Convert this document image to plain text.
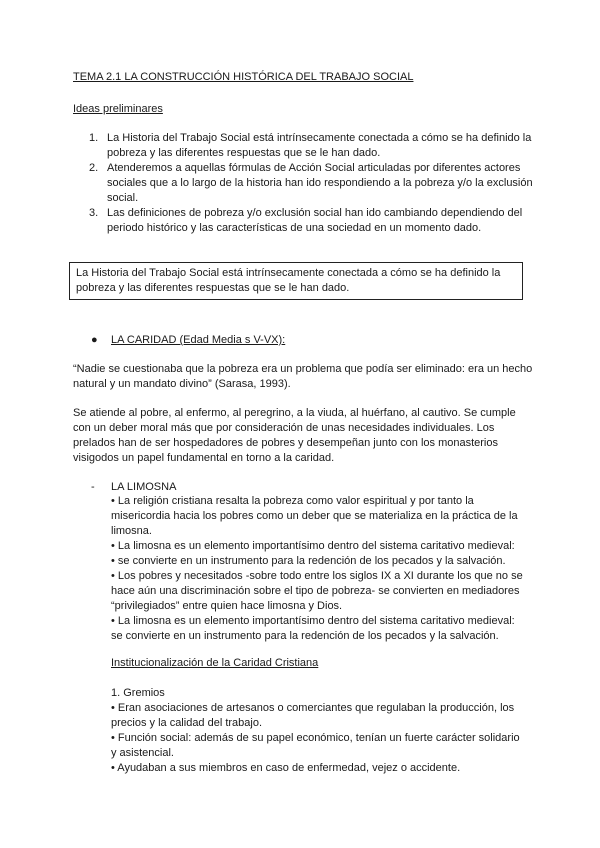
TEMA 2.1 LA CONSTRUCCIÓN HISTÓRICA DEL TRABAJO SOCIAL
Ideas preliminares
1. La Historia del Trabajo Social está intrínsecamente conectada a cómo se ha definido la pobreza y las diferentes respuestas que se le han dado.
2. Atenderemos a aquellas fórmulas de Acción Social articuladas por diferentes actores sociales que a lo largo de la historia han ido respondiendo a la pobreza y/o la exclusión social.
3. Las definiciones de pobreza y/o exclusión social han ido cambiando dependiendo del periodo histórico y las características de una sociedad en un momento dado.
La Historia del Trabajo Social está intrínsecamente conectada a cómo se ha definido la pobreza y las diferentes respuestas que se le han dado.
● LA CARIDAD (Edad Media s V-VX):

“Nadie se cuestionaba que la pobreza era un problema que podía ser eliminado: era un hecho natural y un mandato divino” (Sarasa, 1993).

Se atiende al pobre, al enfermo, al peregrino, a la viuda, al huérfano, al cautivo. Se cumple con un deber moral más que por consideración de unas necesidades individuales. Los prelados han de ser hospedadores de pobres y desempeñan junto con los monasterios visigodos un papel fundamental en torno a la caridad.

- LA LIMOSNA

• La religión cristiana resalta la pobreza como valor espiritual y por tanto la misericordia hacia los pobres como un deber que se materializa en la práctica de la limosna.

• La limosna es un elemento importantísimo dentro del sistema caritativo medieval:

• se convierte en un instrumento para la redención de los pecados y la salvación.

• Los pobres y necesitados -sobre todo entre los siglos IX a XI durante los que no se hace aún una discriminación sobre el tipo de pobreza- se convierten en mediadores “privilegiados” entre quien hace limosna y Dios.

• La limosna es un elemento importantísimo dentro del sistema caritativo medieval: se convierte en un instrumento para la redención de los pecados y la salvación.

Institucionalización de la Caridad Cristiana

1. Gremios

• Eran asociaciones de artesanos o comerciantes que regulaban la producción, los precios y la calidad del trabajo.

• Función social: además de su papel económico, tenían un fuerte carácter solidario y asistencial.

• Ayudaban a sus miembros en caso de enfermedad, vejez o accidente.
